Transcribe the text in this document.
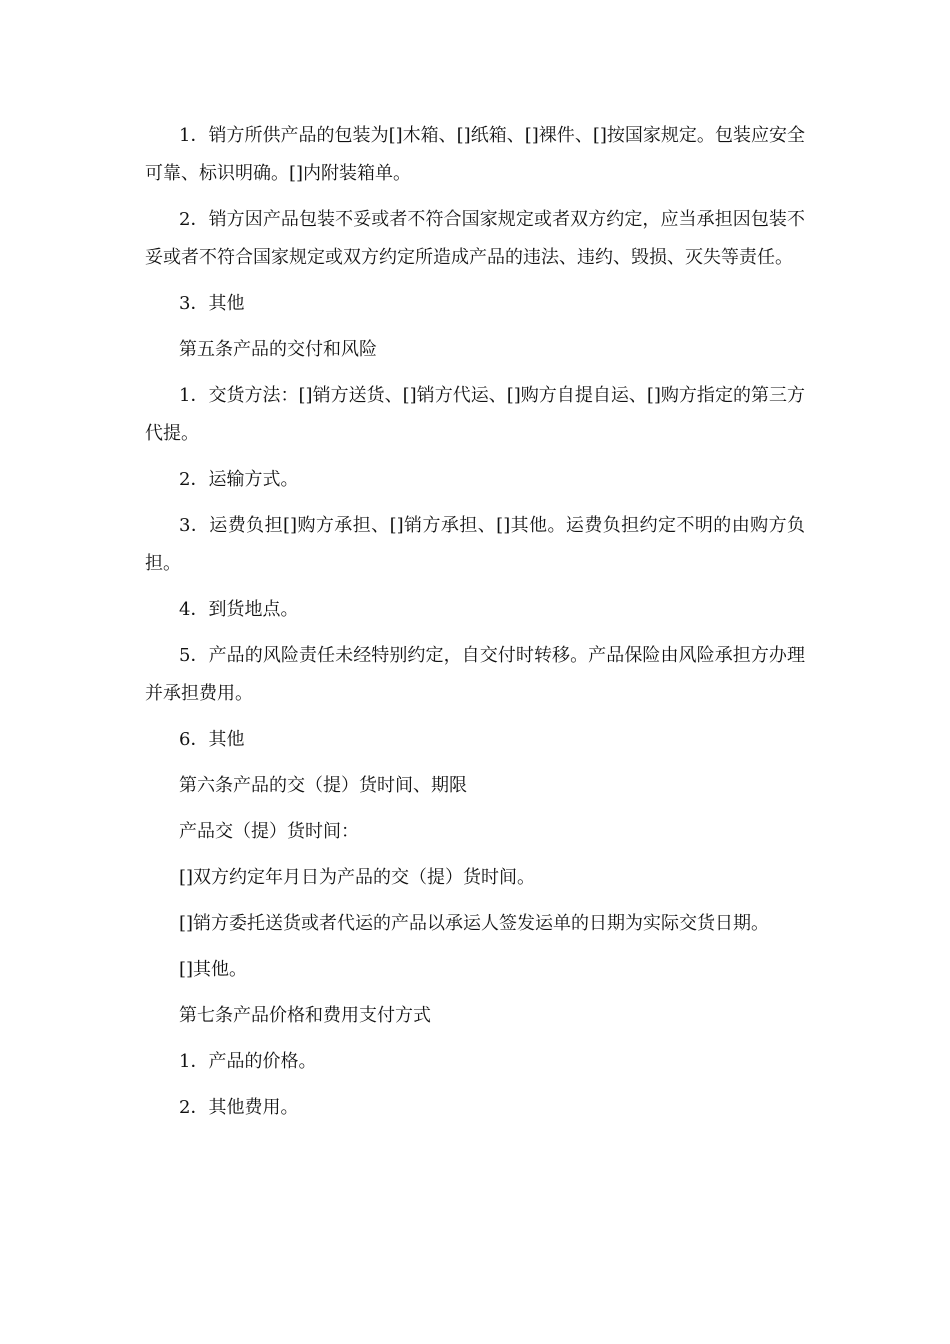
1．销方所供产品的包装为[]木箱、[]纸箱、[]裸件、[]按国家规定。包装应安全可靠、标识明确。[]内附装箱单。

2．销方因产品包装不妥或者不符合国家规定或者双方约定，应当承担因包装不妥或者不符合国家规定或双方约定所造成产品的违法、违约、毁损、灭失等责任。

3．其他

第五条产品的交付和风险

1．交货方法：[]销方送货、[]销方代运、[]购方自提自运、[]购方指定的第三方代提。

2．运输方式。

3．运费负担[]购方承担、[]销方承担、[]其他。运费负担约定不明的由购方负担。

4．到货地点。

5．产品的风险责任未经特别约定，自交付时转移。产品保险由风险承担方办理并承担费用。

6．其他

第六条产品的交（提）货时间、期限

产品交（提）货时间：

[]双方约定年月日为产品的交（提）货时间。

[]销方委托送货或者代运的产品以承运人签发运单的日期为实际交货日期。

[]其他。

第七条产品价格和费用支付方式

1．产品的价格。

2．其他费用。
